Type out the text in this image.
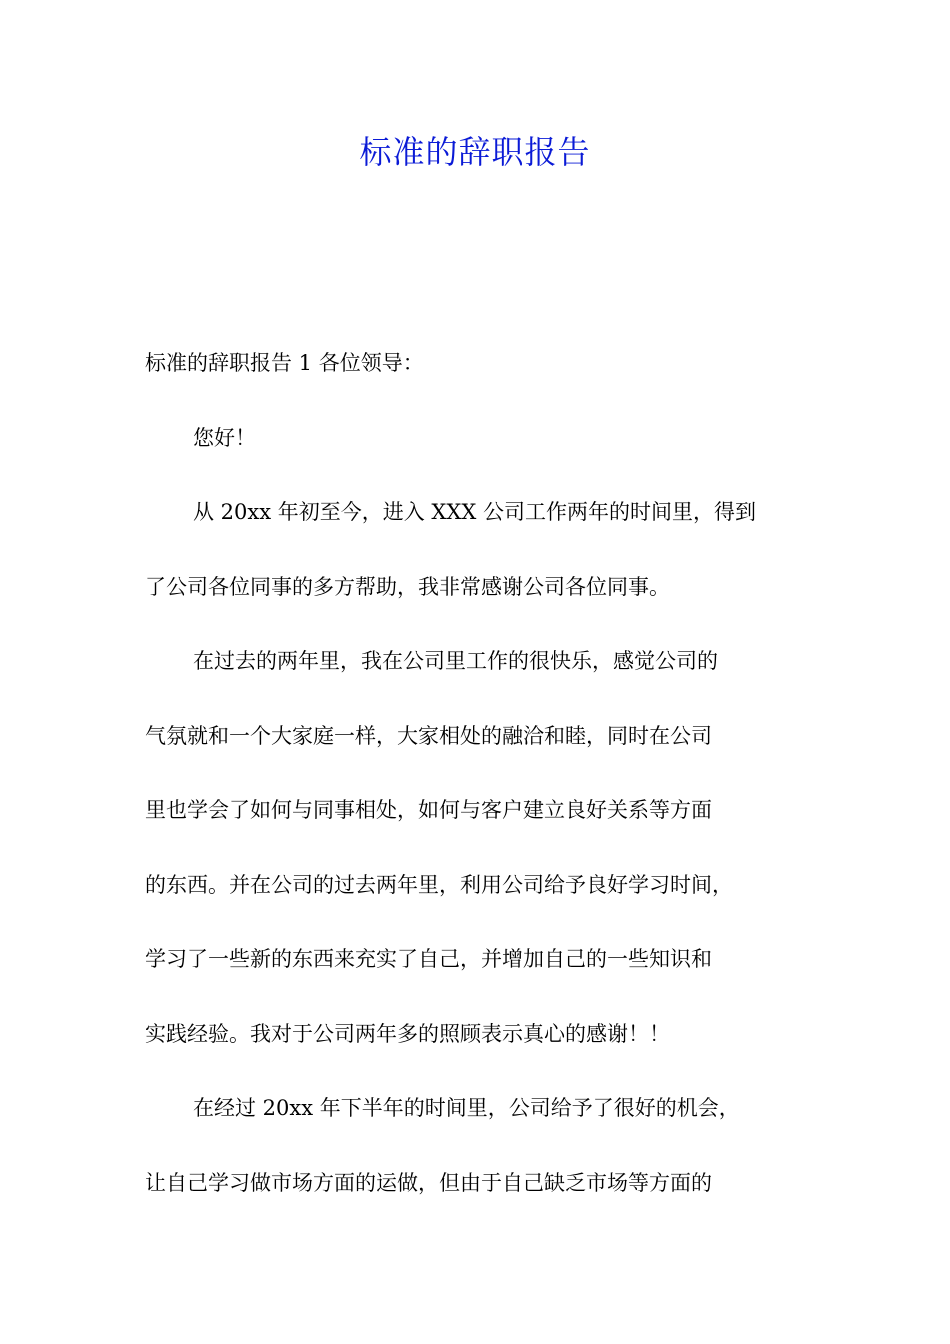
标准的辞职报告
标准的辞职报告 1 各位领导：
您好！
从 20xx 年初至今，进入 XXX 公司工作两年的时间里，得到
了公司各位同事的多方帮助，我非常感谢公司各位同事。
在过去的两年里，我在公司里工作的很快乐，感觉公司的
气氛就和一个大家庭一样，大家相处的融洽和睦，同时在公司
里也学会了如何与同事相处，如何与客户建立良好关系等方面
的东西。并在公司的过去两年里，利用公司给予良好学习时间，
学习了一些新的东西来充实了自己，并增加自己的一些知识和
实践经验。我对于公司两年多的照顾表示真心的感谢！！
在经过 20xx 年下半年的时间里，公司给予了很好的机会，
让自己学习做市场方面的运做，但由于自己缺乏市场等方面的
